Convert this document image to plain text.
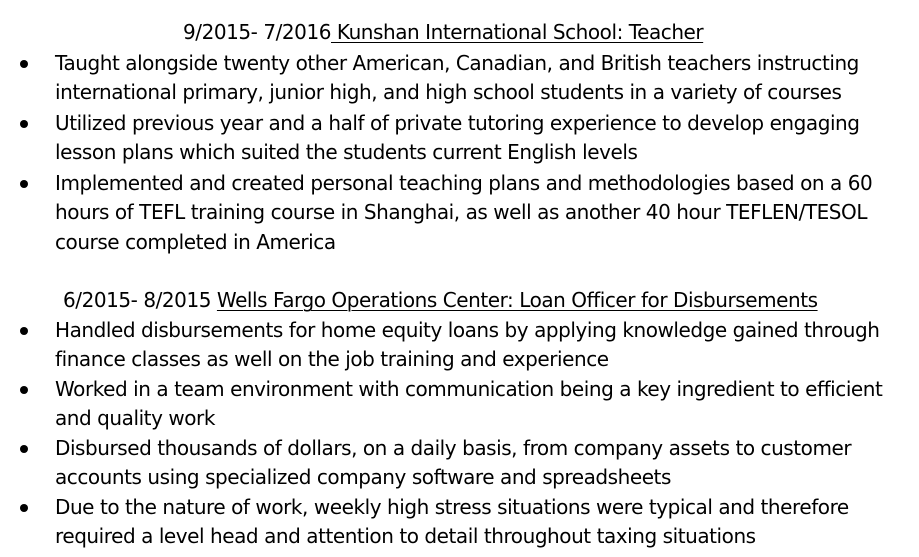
9/2015- 7/2016 Kunshan International School: Teacher
Taught alongside twenty other American, Canadian, and British teachers instructing international primary, junior high, and high school students in a variety of courses
Utilized previous year and a half of private tutoring experience to develop engaging lesson plans which suited the students current English levels
Implemented and created personal teaching plans and methodologies based on a 60 hours of TEFL training course in Shanghai, as well as another 40 hour TEFLEN/TESOL course completed in America
6/2015- 8/2015 Wells Fargo Operations Center: Loan Officer for Disbursements
Handled disbursements for home equity loans by applying knowledge gained through finance classes as well on the job training and experience
Worked in a team environment with communication being a key ingredient to efficient and quality work
Disbursed thousands of dollars, on a daily basis, from company assets to customer accounts using specialized company software and spreadsheets
Due to the nature of work, weekly high stress situations were typical and therefore required a level head and attention to detail throughout taxing situations
